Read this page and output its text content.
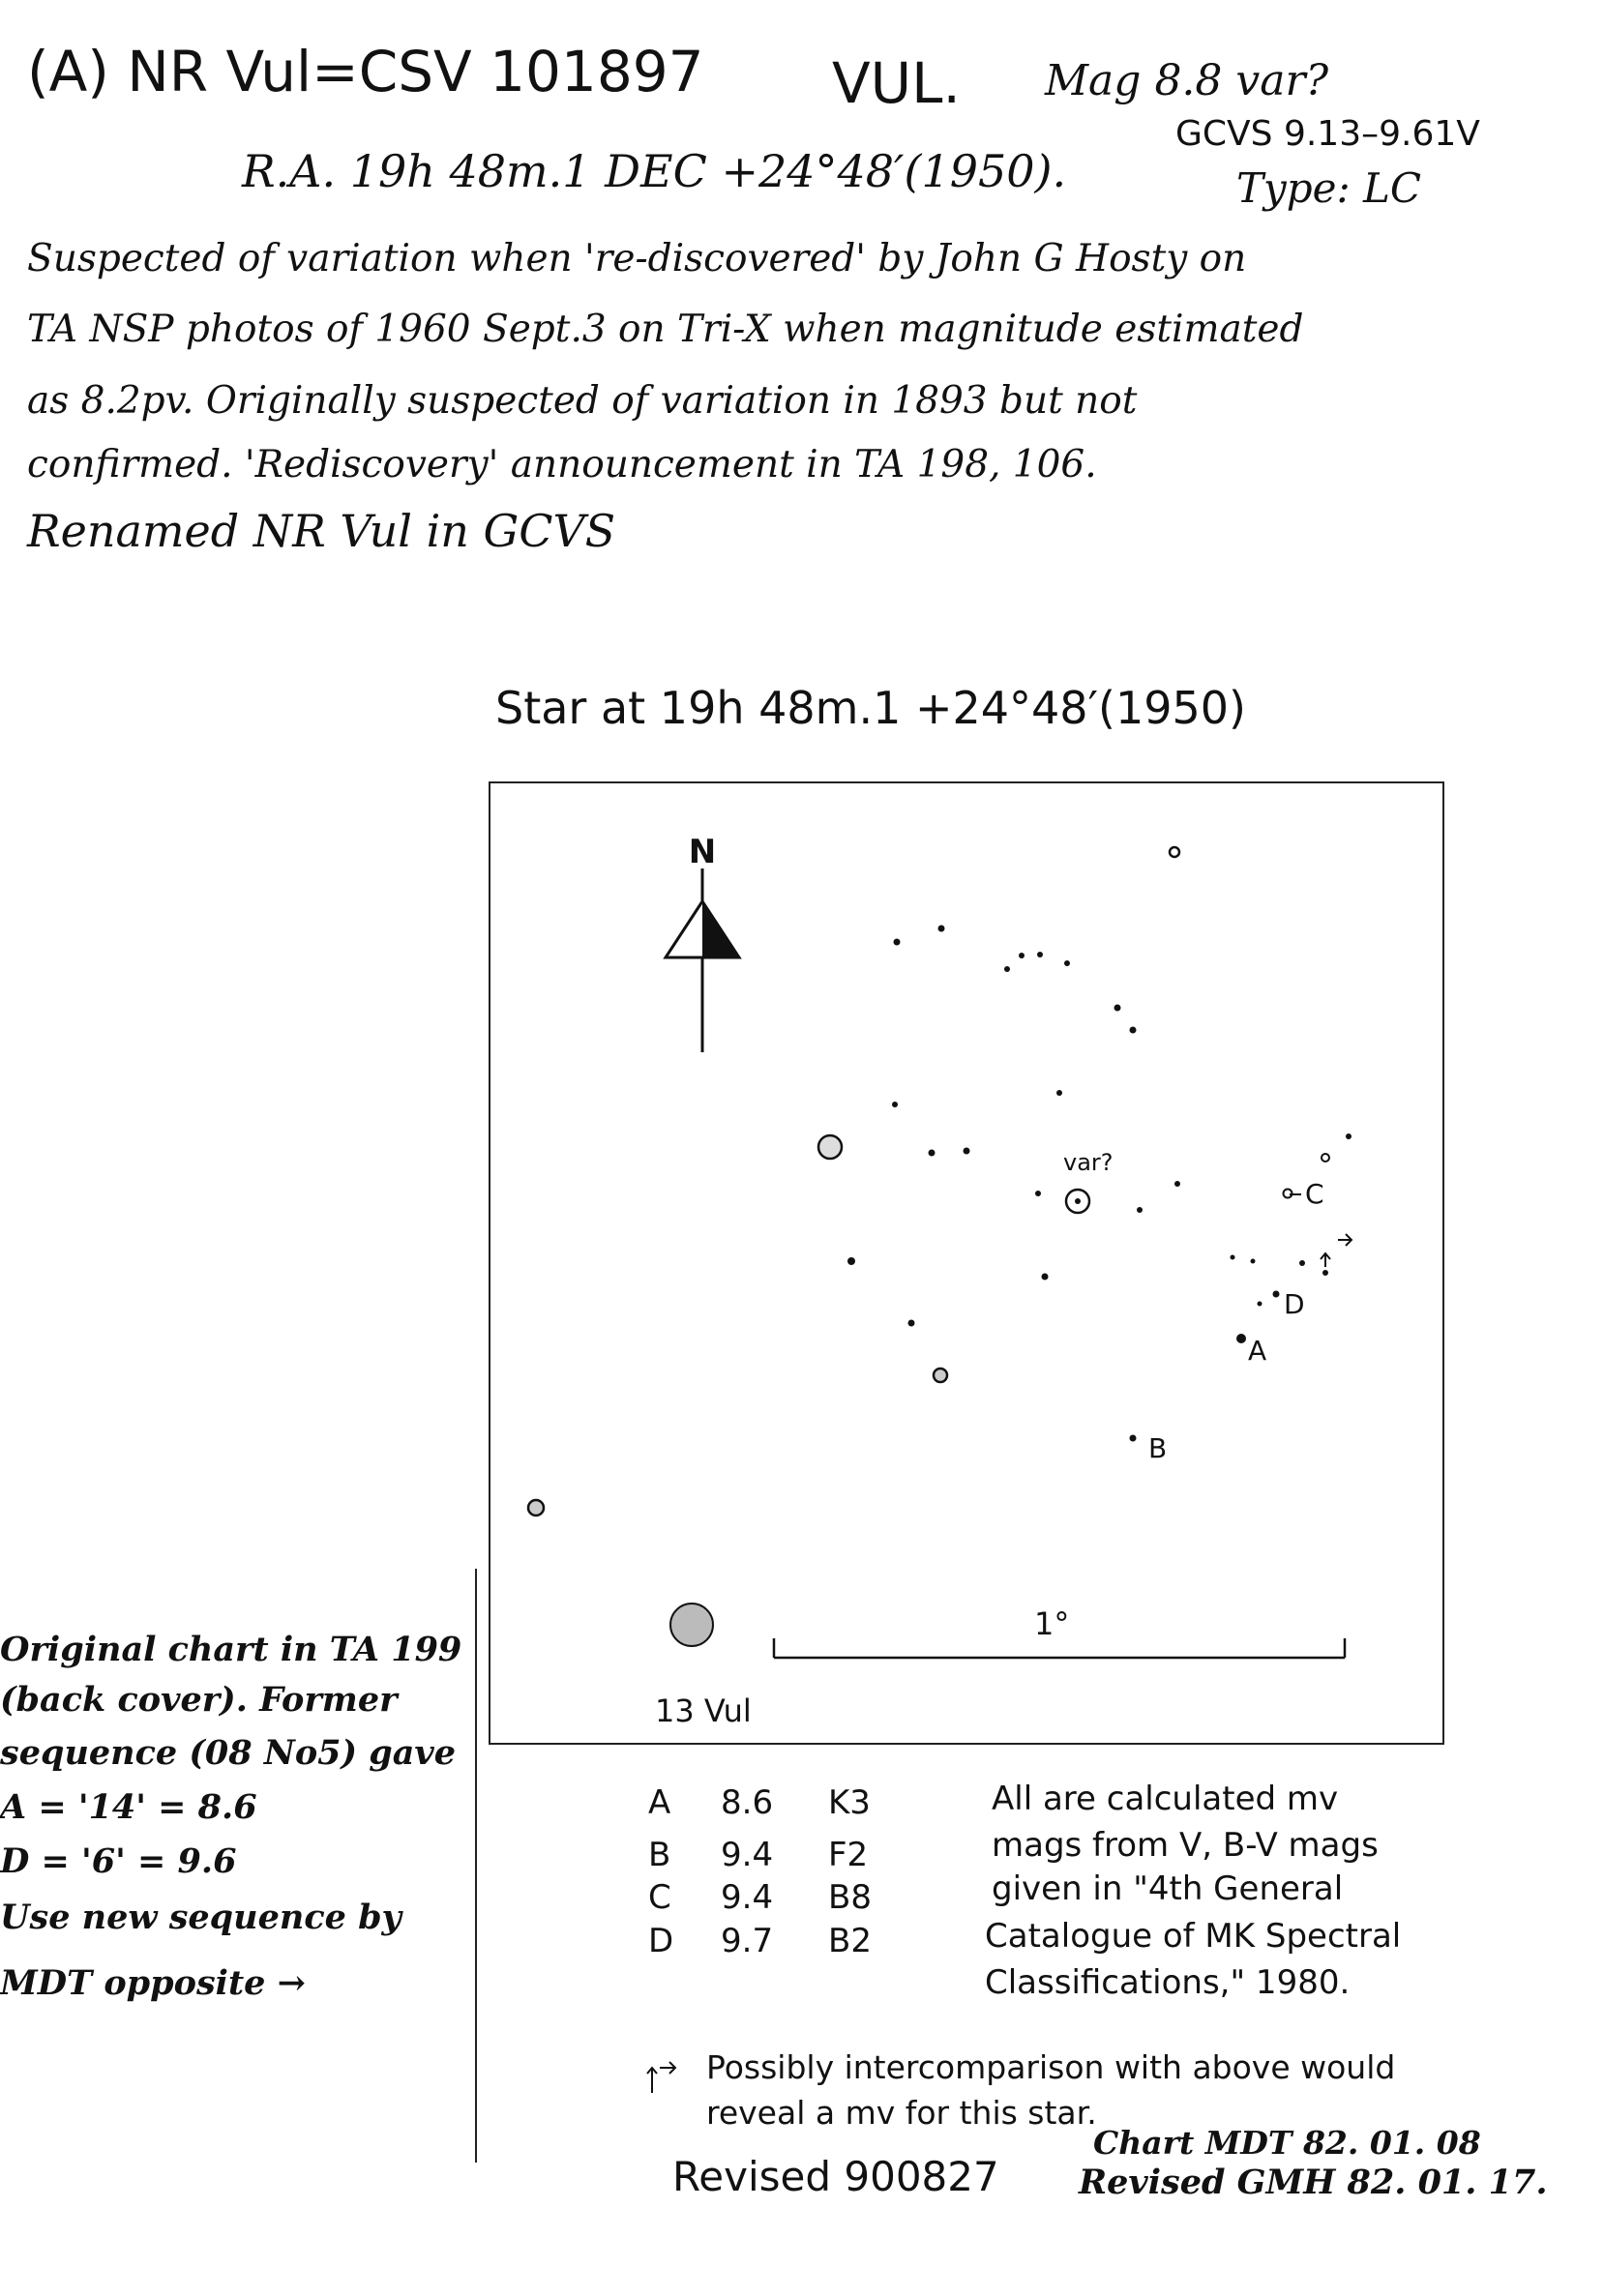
(A) NR Vul=CSV 101897 VUL. Mag 8.8 var?
R.A. 19h 48m.1 DEC +24°48′(1950).
GCVS 9.13–9.61V
Type: LC
Suspected of variation when 're-discovered' by John G Hosty on
TA NSP photos of 1960 Sept.3 on Tri-X when magnitude estimated
as 8.2pv. Originally suspected of variation in 1893 but not
confirmed. 'Rediscovery' announcement in TA 198, 106.
Renamed NR Vul in GCVS
Star at 19h 48m.1 +24°48′(1950)
N
var?
A
B
C
D
1°
13 Vul
Original chart in TA 199
(back cover). Former
sequence (08 No5) gave
A = '14' = 8.6
D = '6' = 9.6
Use new sequence by
MDT opposite →
A 8.6 K3
B 9.4 F2
C 9.4 B8
D 9.7 B2
All are calculated mv
mags from V, B-V mags
given in "4th General
Catalogue of MK Spectral
Classifications," 1980.
Possibly intercomparison with above would
reveal a mv for this star.
Chart MDT 82. 01. 08
Revised 900827 Revised GMH 82. 01. 17.
